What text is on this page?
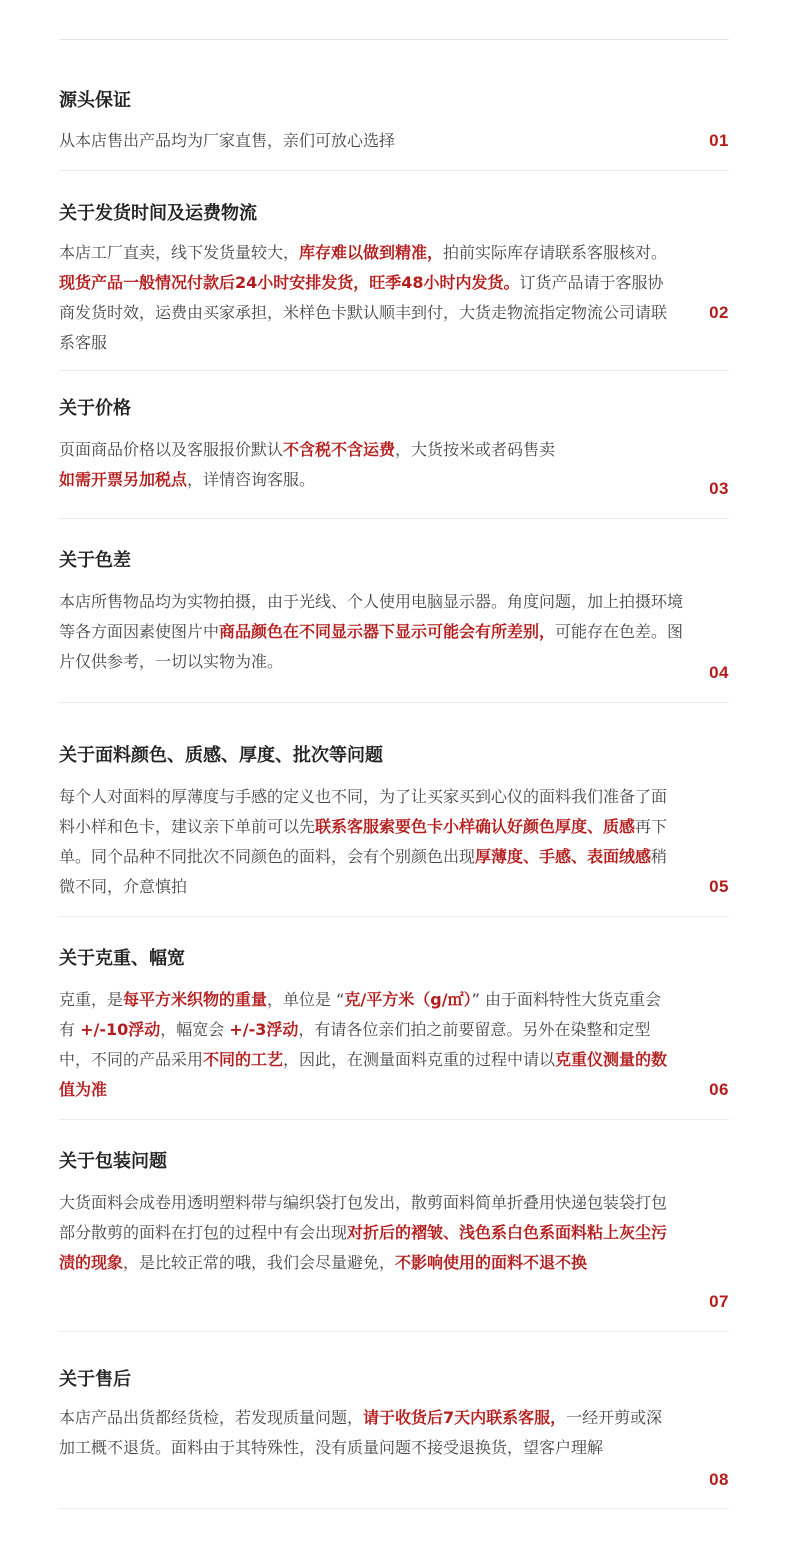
源头保证
从本店售出产品均为厂家直售，亲们可放心选择	01
关于发货时间及运费物流
本店工厂直卖，线下发货量较大，库存难以做到精准，拍前实际库存请联系客服核对。现货产品一般情况付款后24小时安排发货，旺季48小时内发货。订货产品请于客服协商发货时效，运费由买家承担，米样色卡默认顺丰到付，大货走物流指定物流公司请联系客服
02
关于价格
页面商品价格以及客服报价默认不含税不含运费，大货按米或者码售卖
如需开票另加税点，详情咨询客服。	03
关于色差
本店所售物品均为实物拍摄，由于光线、个人使用电脑显示器。角度问题，加上拍摄环境等各方面因素使图片中商品颜色在不同显示器下显示可能会有所差别，可能存在色差。图片仅供参考，一切以实物为准。
04
关于面料颜色、质感、厚度、批次等问题
每个人对面料的厚薄度与手感的定义也不同，为了让买家买到心仪的面料我们准备了面料小样和色卡，建议亲下单前可以先联系客服索要色卡小样确认好颜色厚度、质感再下单。同个品种不同批次不同颜色的面料，会有个别颜色出现厚薄度、手感、表面绒感稍微不同，介意慎拍	05
关于克重、幅宽
克重，是每平方米织物的重量，单位是 “克/平方米（g/㎡）” 由于面料特性大货克重会有 +/-10浮动，幅宽会 +/-3浮动，有请各位亲们拍之前要留意。另外在染整和定型中，不同的产品采用不同的工艺，因此，在测量面料克重的过程中请以克重仪测量的数值为准	06
关于包装问题
大货面料会成卷用透明塑料带与编织袋打包发出，散剪面料简单折叠用快递包装袋打包部分散剪的面料在打包的过程中有会出现对折后的褶皱、浅色系白色系面料粘上灰尘污渍的现象，是比较正常的哦，我们会尽量避免，不影响使用的面料不退不换
07
关于售后
本店产品出货都经货检，若发现质量问题，请于收货后7天内联系客服，一经开剪或深加工概不退货。面料由于其特殊性，没有质量问题不接受退换货，望客户理解
08
